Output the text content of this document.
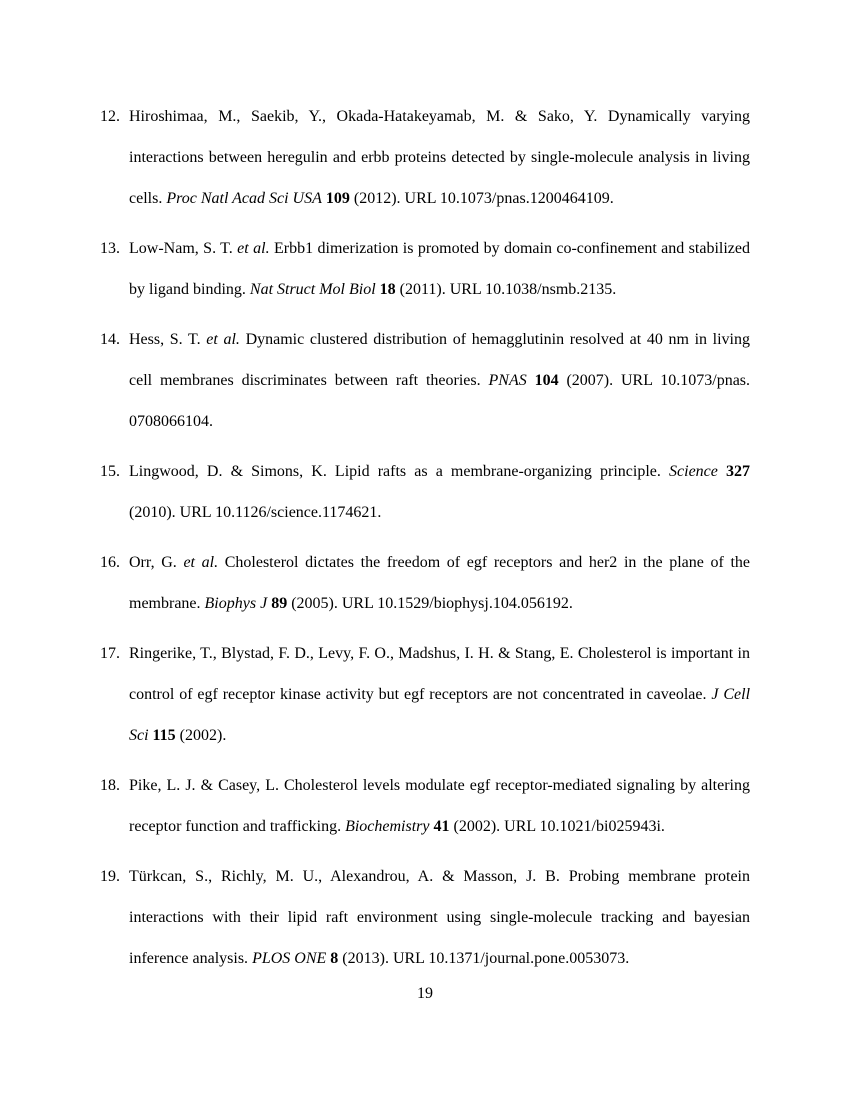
12. Hiroshimaa, M., Saekib, Y., Okada-Hatakeyamab, M. & Sako, Y. Dynamically varying interactions between heregulin and erbb proteins detected by single-molecule analysis in living cells. Proc Natl Acad Sci USA 109 (2012). URL 10.1073/pnas.1200464109.
13. Low-Nam, S. T. et al. Erbb1 dimerization is promoted by domain co-confinement and stabilized by ligand binding. Nat Struct Mol Biol 18 (2011). URL 10.1038/nsmb.2135.
14. Hess, S. T. et al. Dynamic clustered distribution of hemagglutinin resolved at 40 nm in living cell membranes discriminates between raft theories. PNAS 104 (2007). URL 10.1073/pnas.​0708066104.
15. Lingwood, D. & Simons, K. Lipid rafts as a membrane-organizing principle. Science 327 (2010). URL 10.1126/science.1174621.
16. Orr, G. et al. Cholesterol dictates the freedom of egf receptors and her2 in the plane of the membrane. Biophys J 89 (2005). URL 10.1529/biophysj.104.056192.
17. Ringerike, T., Blystad, F. D., Levy, F. O., Madshus, I. H. & Stang, E. Cholesterol is important in control of egf receptor kinase activity but egf receptors are not concentrated in caveolae. J Cell Sci 115 (2002).
18. Pike, L. J. & Casey, L. Cholesterol levels modulate egf receptor-mediated signaling by altering receptor function and trafficking. Biochemistry 41 (2002). URL 10.1021/bi025943i.
19. Türkcan, S., Richly, M. U., Alexandrou, A. & Masson, J. B. Probing membrane protein interactions with their lipid raft environment using single-molecule tracking and bayesian inference analysis. PLOS ONE 8 (2013). URL 10.1371/journal.pone.0053073.
19
